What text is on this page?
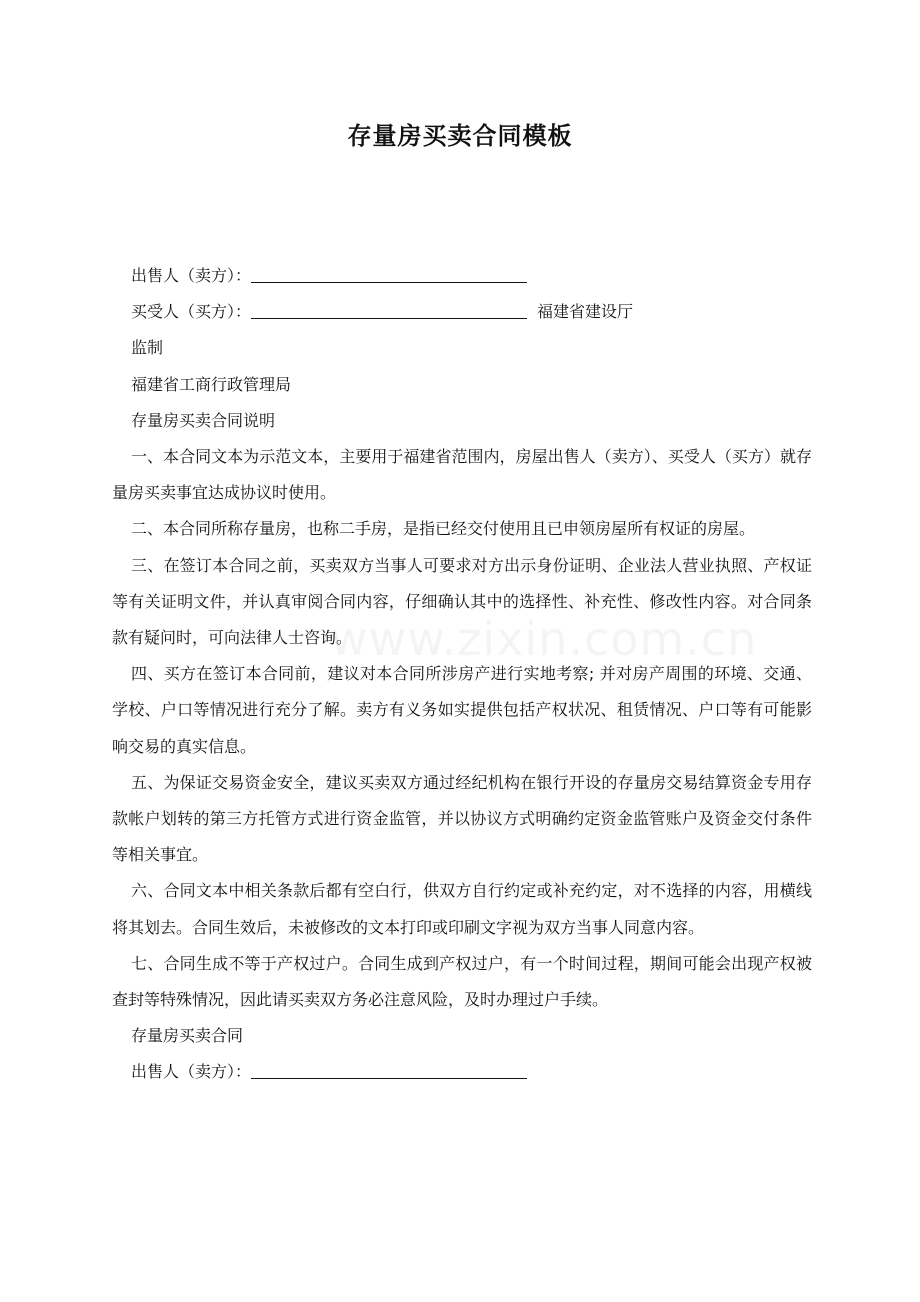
存量房买卖合同模板

出售人（卖方）：

买受人（买方）：	福建省建设厅

监制

福建省工商行政管理局

存量房买卖合同说明

一、本合同文本为示范文本，主要用于福建省范围内，房屋出售人（卖方）、买受人（买方）就存量房买卖事宜达成协议时使用。

二、本合同所称存量房，也称二手房，是指已经交付使用且已申领房屋所有权证的房屋。

三、在签订本合同之前，买卖双方当事人可要求对方出示身份证明、企业法人营业执照、产权证等有关证明文件，并认真审阅合同内容，仔细确认其中的选择性、补充性、修改性内容。对合同条款有疑问时，可向法律人士咨询。

四、买方在签订本合同前，建议对本合同所涉房产进行实地考察; 并对房产周围的环境、交通、学校、户口等情况进行充分了解。卖方有义务如实提供包括产权状况、租赁情况、户口等有可能影响交易的真实信息。

五、为保证交易资金安全，建议买卖双方通过经纪机构在银行开设的存量房交易结算资金专用存款帐户划转的第三方托管方式进行资金监管，并以协议方式明确约定资金监管账户及资金交付条件等相关事宜。

六、合同文本中相关条款后都有空白行，供双方自行约定或补充约定，对不选择的内容，用横线将其划去。合同生效后，未被修改的文本打印或印刷文字视为双方当事人同意内容。

七、合同生成不等于产权过户。合同生成到产权过户，有一个时间过程，期间可能会出现产权被查封等特殊情况，因此请买卖双方务必注意风险，及时办理过户手续。

存量房买卖合同

出售人（卖方）：
